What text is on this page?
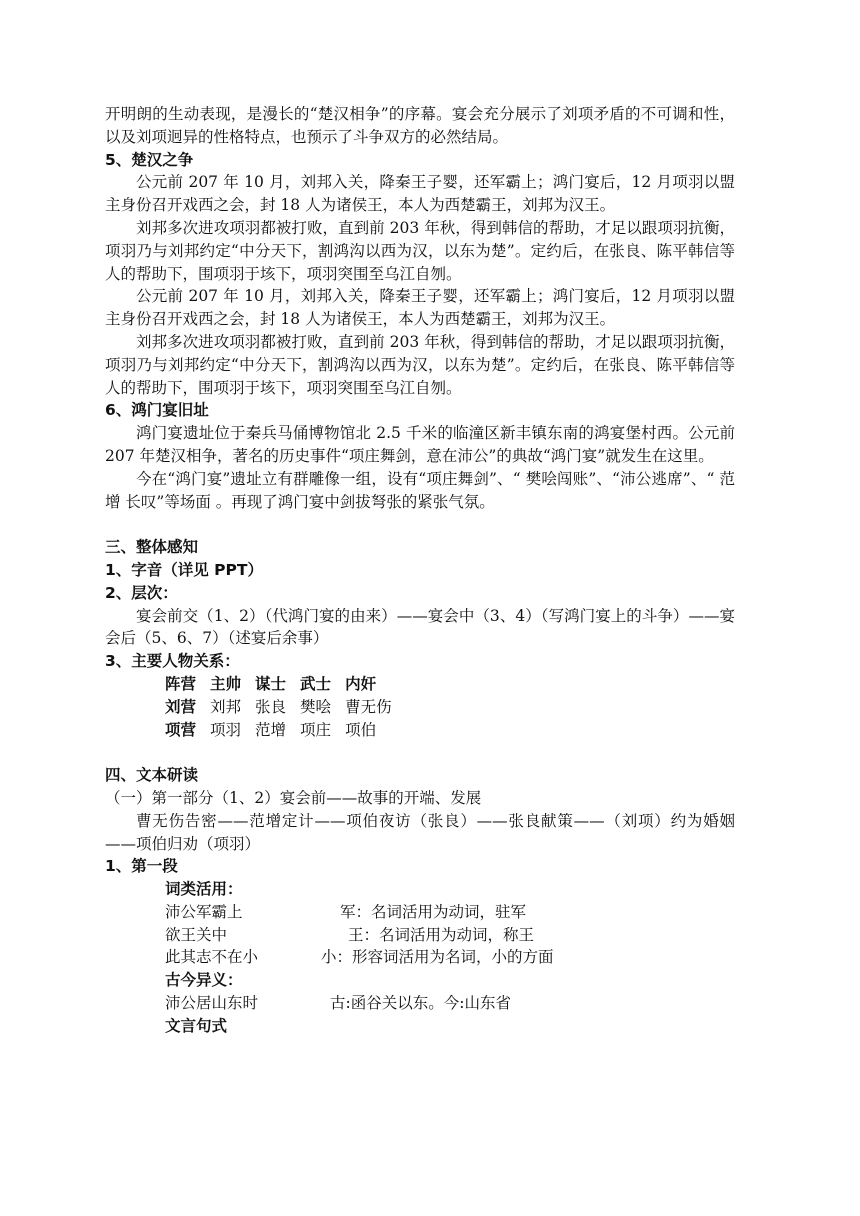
开明朗的生动表现，是漫长的“楚汉相争”的序幕。宴会充分展示了刘项矛盾的不可调和性，以及刘项迥异的性格特点，也预示了斗争双方的必然结局。

5、楚汉之争

公元前 207 年 10 月，刘邦入关，降秦王子婴，还军霸上；鸿门宴后，12 月项羽以盟主身份召开戏西之会，封 18 人为诸侯王，本人为西楚霸王，刘邦为汉王。

刘邦多次进攻项羽都被打败，直到前 203 年秋，得到韩信的帮助，才足以跟项羽抗衡，项羽乃与刘邦约定“中分天下，割鸿沟以西为汉，以东为楚”。定约后，在张良、陈平韩信等人的帮助下，围项羽于垓下，项羽突围至乌江自刎。

公元前 207 年 10 月，刘邦入关，降秦王子婴，还军霸上；鸿门宴后，12 月项羽以盟主身份召开戏西之会，封 18 人为诸侯王，本人为西楚霸王，刘邦为汉王。

刘邦多次进攻项羽都被打败，直到前 203 年秋，得到韩信的帮助，才足以跟项羽抗衡，项羽乃与刘邦约定“中分天下，割鸿沟以西为汉，以东为楚”。定约后，在张良、陈平韩信等人的帮助下，围项羽于垓下，项羽突围至乌江自刎。

6、鸿门宴旧址

鸿门宴遗址位于秦兵马俑博物馆北 2.5 千米的临潼区新丰镇东南的鸿宴堡村西。公元前 207 年楚汉相争，著名的历史事件“项庄舞剑，意在沛公”的典故“鸿门宴”就发生在这里。

今在“鸿门宴”遗址立有群雕像一组，设有“项庄舞剑”、“ 樊哙闯账”、“沛公逃席”、“ 范 增 长叹”等场面 。再现了鸿门宴中剑拔弩张的紧张气氛。

三、整体感知

1、字音（详见 PPT）

2、层次：

宴会前交（1、2）（代鸿门宴的由来）——宴会中（3、4）（写鸿门宴上的斗争）——宴会后（5、6、7）（述宴后余事）

3、主要人物关系：

阵营	主帅	谋士	武士	内奸
刘营	刘邦	张良	樊哙	曹无伤
项营	项羽	范增	项庄	项伯

四、文本研读

（一）第一部分（1、2）宴会前——故事的开端、发展

曹无伤告密——范增定计——项伯夜访（张良）——张良献策——（刘项）约为婚姻——项伯归劝（项羽）

1、第一段

词类活用：

沛公军霸上	军：名词活用为动词，驻军
欲王关中	王：名词活用为动词，称王
此其志不在小	小：形容词活用为名词，小的方面

古今异义：

沛公居山东时	古:函谷关以东。今:山东省

文言句式
